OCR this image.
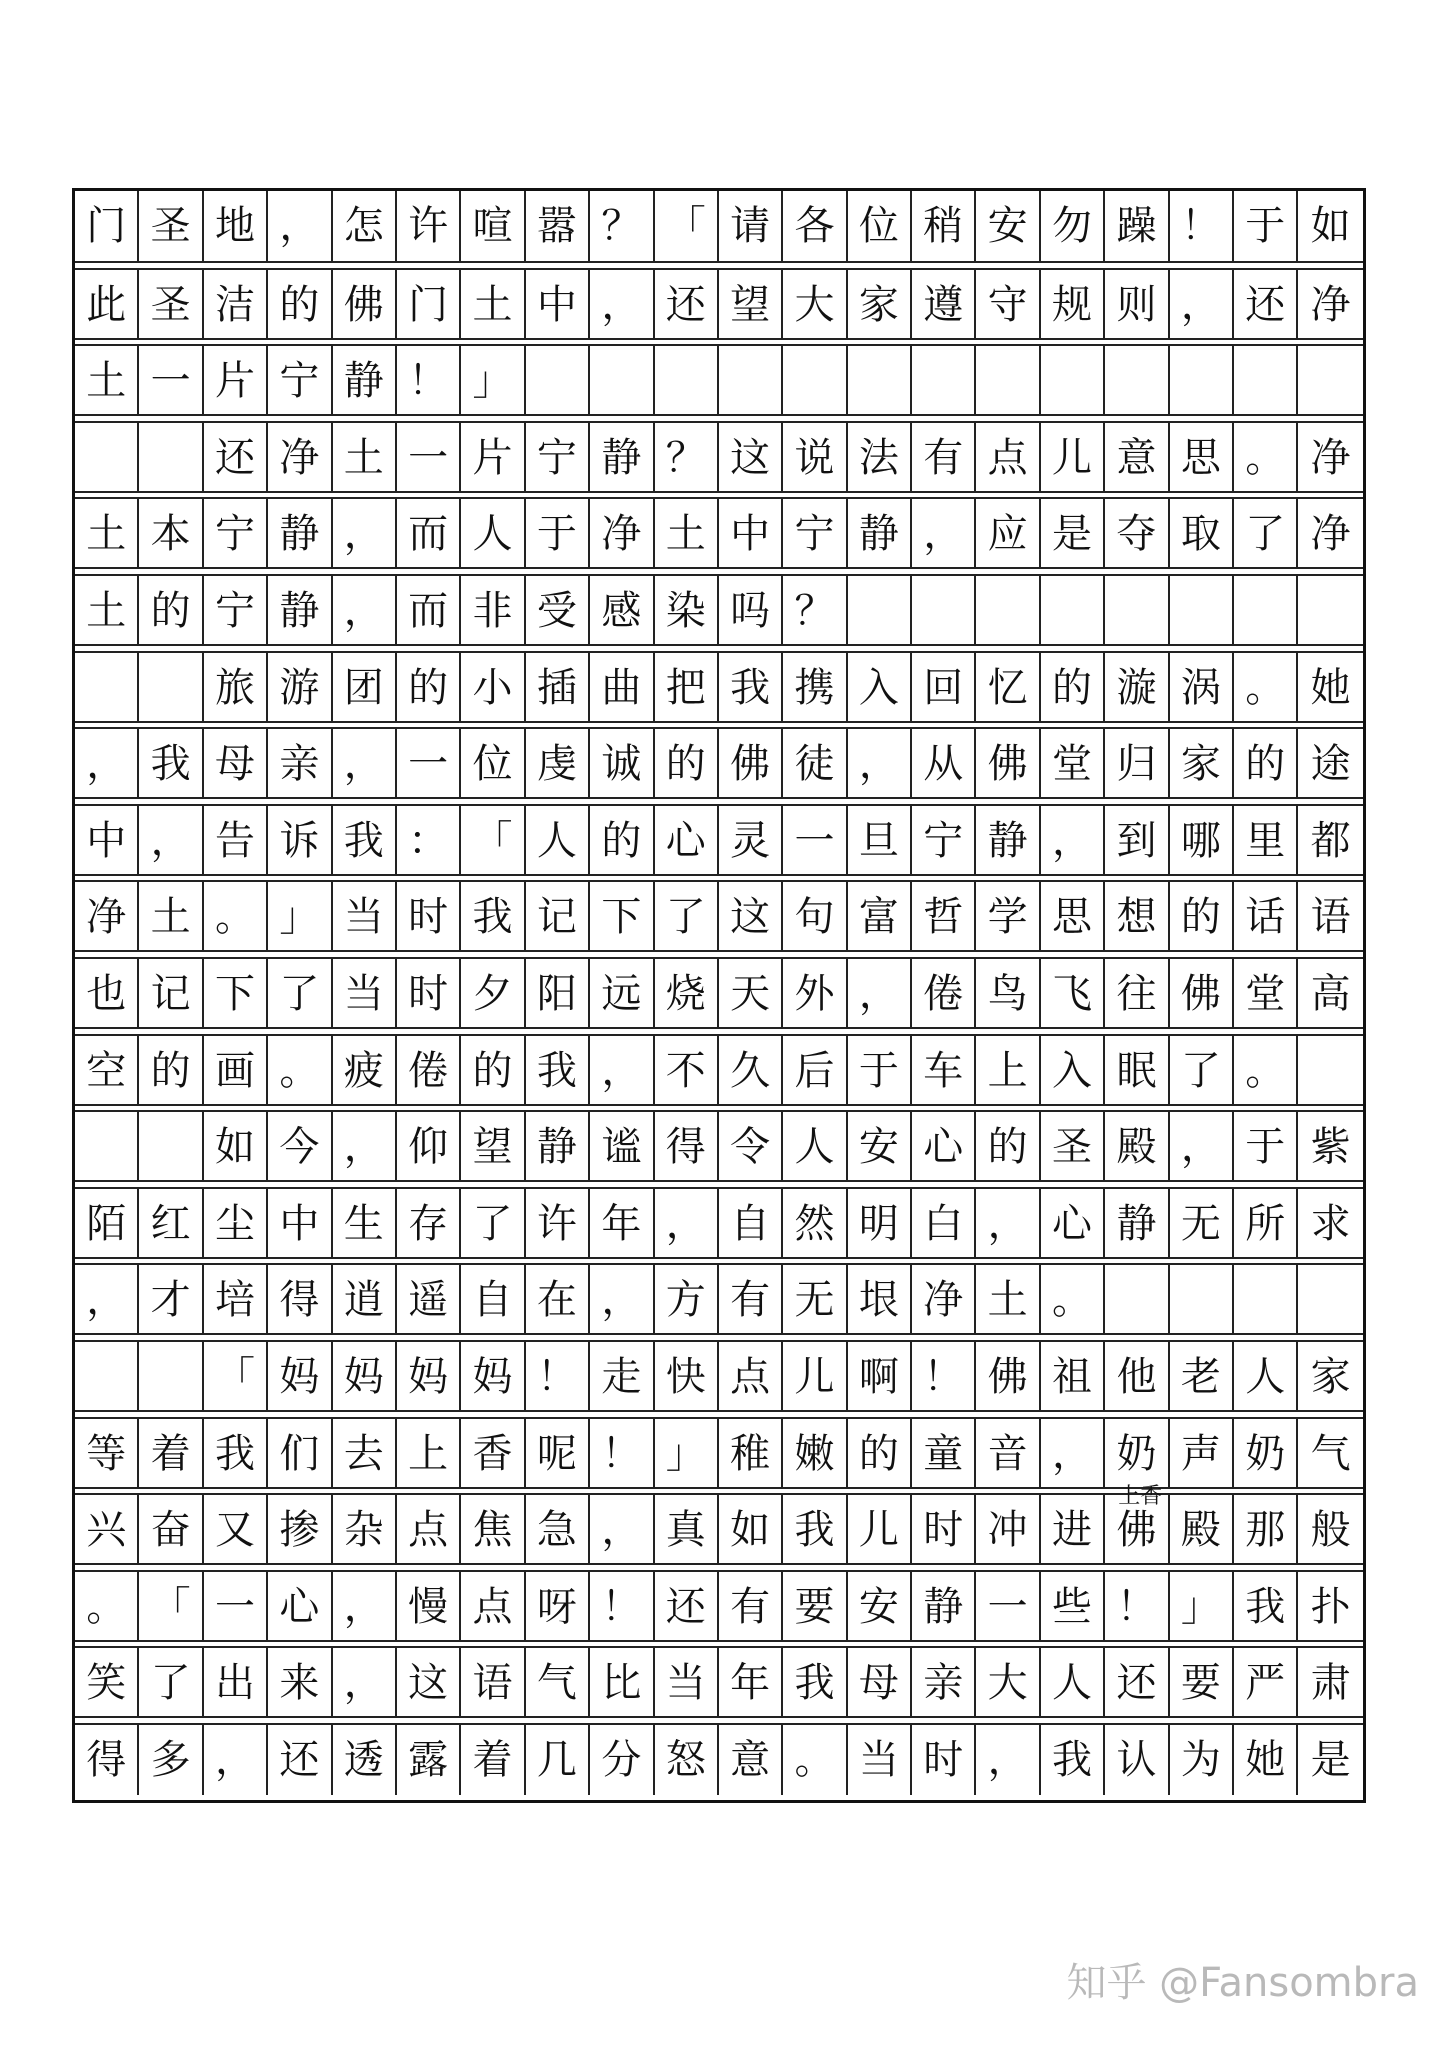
门 圣 地 ， 怎 许 喧 嚣 ？ 「 请 各 位 稍 安 勿 躁 ！ 于 如
此 圣 洁 的 佛 门 土 中 ， 还 望 大 家 遵 守 规 则 ， 还 净
土 一 片 宁 静 ！ 」
还 净 土 一 片 宁 静 ？ 这 说 法 有 点 儿 意 思 。 净
土 本 宁 静 ， 而 人 于 净 土 中 宁 静 ， 应 是 夺 取 了 净
土 的 宁 静 ， 而 非 受 感 染 吗 ？
旅 游 团 的 小 插 曲 把 我 携 入 回 忆 的 漩 涡 。 她
， 我 母 亲 ， 一 位 虔 诚 的 佛 徒 ， 从 佛 堂 归 家 的 途
中 ， 告 诉 我 ： 「 人 的 心 灵 一 旦 宁 静 ， 到 哪 里 都
净 土 。 」 当 时 我 记 下 了 这 句 富 哲 学 思 想 的 话 语
也 记 下 了 当 时 夕 阳 远 烧 天 外 ， 倦 鸟 飞 往 佛 堂 高
空 的 画 。 疲 倦 的 我 ， 不 久 后 于 车 上 入 眠 了 。
如 今 ， 仰 望 静 谧 得 令 人 安 心 的 圣 殿 ， 于 紫
陌 红 尘 中 生 存 了 许 年 ， 自 然 明 白 ， 心 静 无 所 求
， 才 培 得 逍 遥 自 在 ， 方 有 无 垠 净 土 。
「 妈 妈 妈 妈 ！ 走 快 点 儿 啊 ！ 佛 祖 他 老 人 家
等 着 我 们 去 上 香 呢 ！ 」 稚 嫩 的 童 音 ， 奶 声 奶 气
兴 奋 又 掺 杂 点 焦 急 ， 真 如 我 儿 时 冲 进 佛 殿 那 般
。 「 一 心 ， 慢 点 呀 ！ 还 有 要 安 静 一 些 ！ 」 我 扑
笑 了 出 来 ， 这 语 气 比 当 年 我 母 亲 大 人 还 要 严 肃
得 多 ， 还 透 露 着 几 分 怒 意 。 当 时 ， 我 认 为 她 是
上香
知乎 @Fansombra
